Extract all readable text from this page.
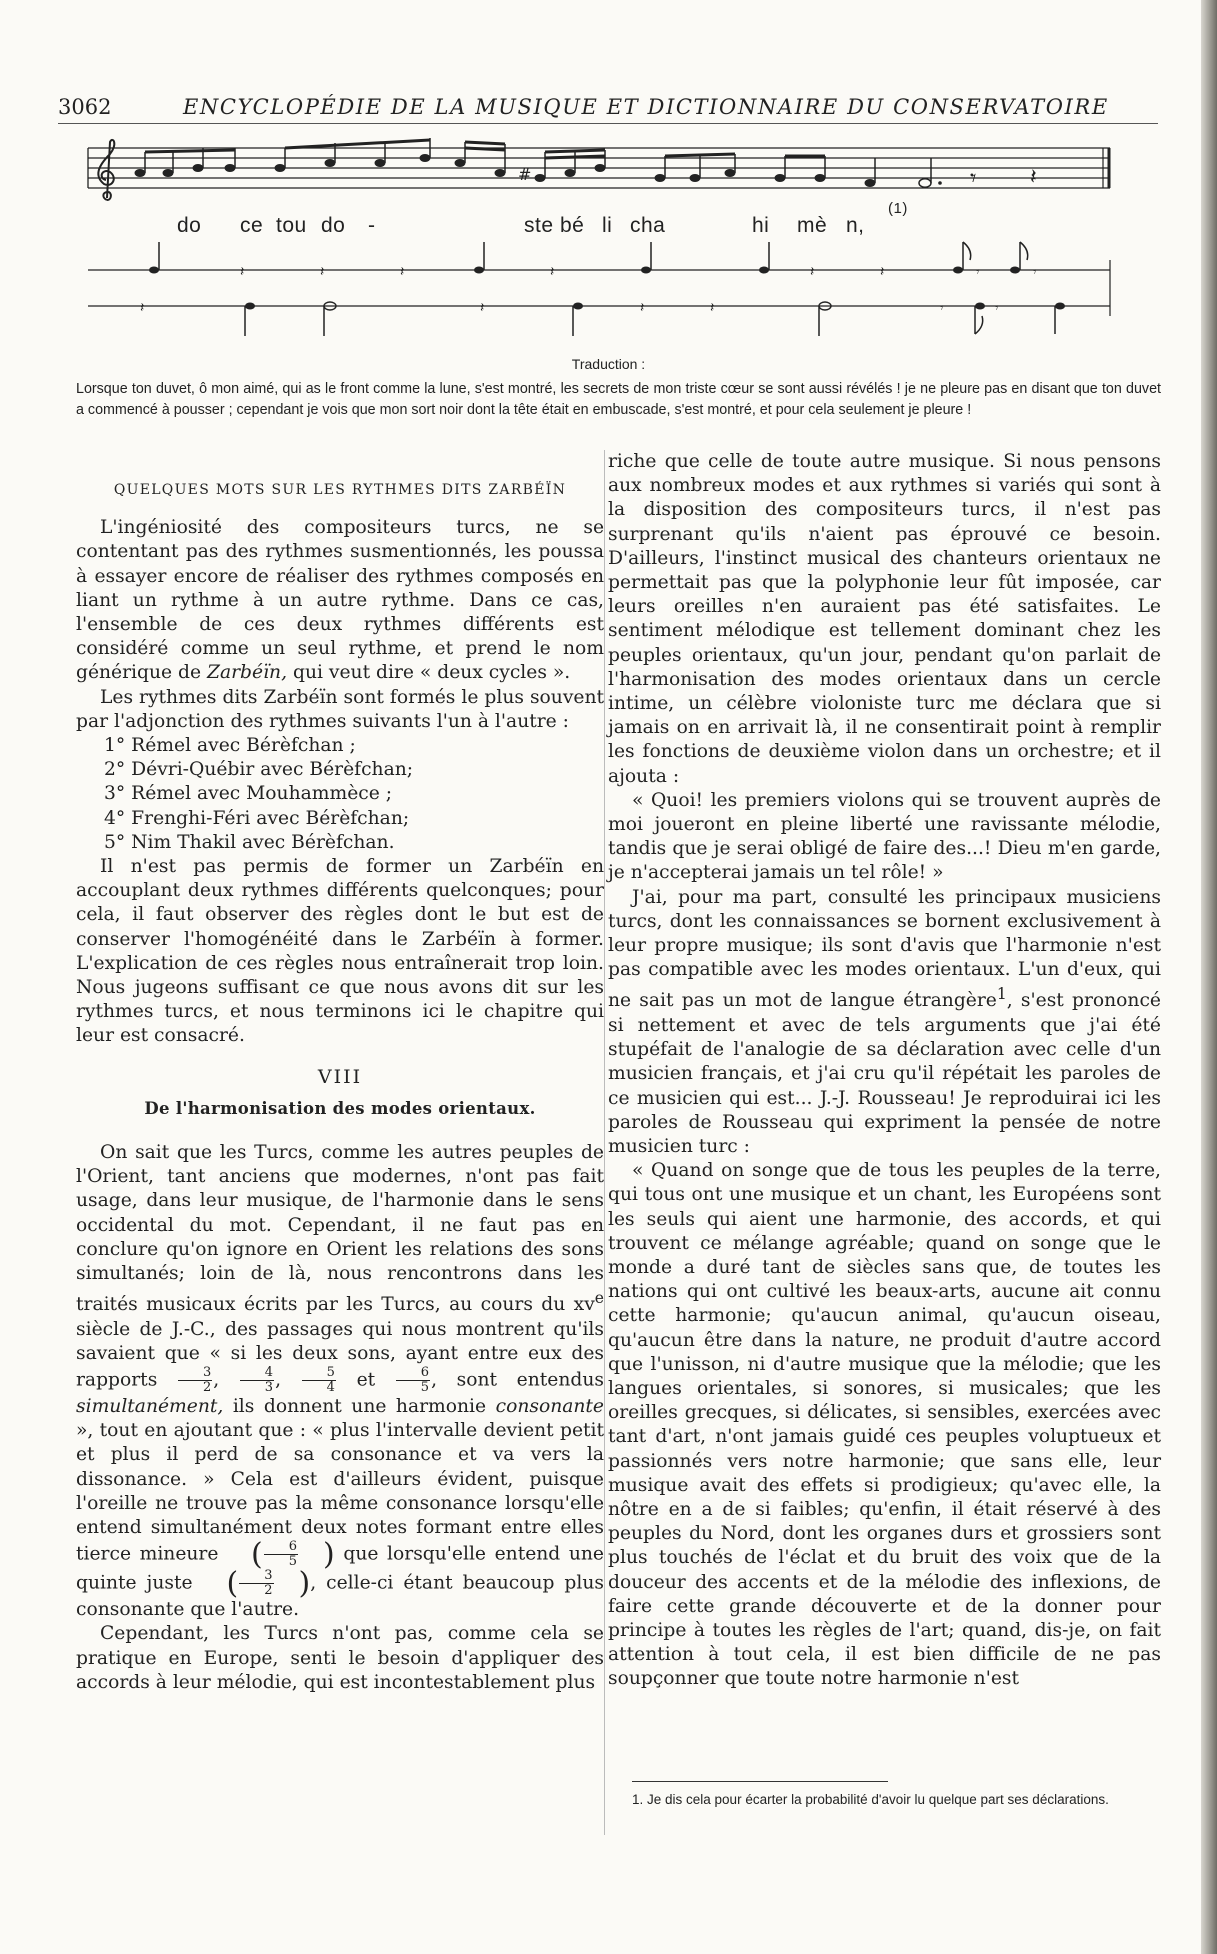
3062	ENCYCLOPÉDIE DE LA MUSIQUE ET DICTIONNAIRE DU CONSERVATOIRE
#	𝄾 𝄽
𝄽	𝄽	𝄽	𝄽	𝄽	𝄽	𝄾	𝄾
𝄽	𝄽	𝄽	𝄽	𝄾	𝄾
do ce tou do -	ste bé li cha	hi mè n,
(1)
Traduction :
Lorsque ton duvet, ô mon aimé, qui as le front comme la lune, s'est montré, les secrets de mon triste cœur se sont aussi révélés ! je ne pleure pas en disant que ton duvet a commencé à pousser ; cependant je vois que mon sort noir dont la tête était en embuscade, s'est montré, et pour cela seulement je pleure !
QUELQUES MOTS SUR LES RYTHMES DITS ZARBÉÏN

L'ingéniosité des compositeurs turcs, ne se contentant pas des rythmes susmentionnés, les poussa à essayer encore de réaliser des rythmes composés en liant un rythme à un autre rythme. Dans ce cas, l'ensemble de ces deux rythmes différents est considéré comme un seul rythme, et prend le nom générique de Zarbéïn, qui veut dire « deux cycles ».

Les rythmes dits Zarbéïn sont formés le plus souvent par l'adjonction des rythmes suivants l'un à l'autre :

1° Rémel avec Bérèfchan ;
2° Dévri-Québir avec Bérèfchan;
3° Rémel avec Mouhammèce ;
4° Frenghi-Féri avec Bérèfchan;
5° Nim Thakil avec Bérèfchan.

Il n'est pas permis de former un Zarbéïn en accouplant deux rythmes différents quelconques; pour cela, il faut observer des règles dont le but est de conserver l'homogénéité dans le Zarbéïn à former. L'explication de ces règles nous entraînerait trop loin. Nous jugeons suffisant ce que nous avons dit sur les rythmes turcs, et nous terminons ici le chapitre qui leur est consacré.

VIII
De l'harmonisation des modes orientaux.

On sait que les Turcs, comme les autres peuples de l'Orient, tant anciens que modernes, n'ont pas fait usage, dans leur musique, de l'harmonie dans le sens occidental du mot. Cependant, il ne faut pas en conclure qu'on ignore en Orient les relations des sons simultanés; loin de là, nous rencontrons dans les traités musicaux écrits par les Turcs, au cours du $xv^e$ siècle de J.-C., des passages qui nous montrent qu'ils savaient que « si les deux sons, ayant entre eux des rapports $\frac{3}{2}$ , $\frac{4}{3}$ , $\frac{5}{4}$ et $\frac{6}{5}$ , sont entendus simultanément, ils donnent une harmonie consonante », tout en ajoutant que : « plus l'intervalle devient petit et plus il perd de sa consonance et va vers la dissonance. » Cela est d'ailleurs évident, puisque l'oreille ne trouve pas la même consonance lorsqu'elle entend simultanément deux notes formant entre elles tierce mineure ( $\frac{6}{5}$ ) que lorsqu'elle entend une quinte juste ( $\frac{3}{2}$ ), celle-ci étant beaucoup plus consonante que l'autre.

Cependant, les Turcs n'ont pas, comme cela se pratique en Europe, senti le besoin d'appliquer des accords à leur mélodie, qui est incontestablement plus

riche que celle de toute autre musique. Si nous pensons aux nombreux modes et aux rythmes si variés qui sont à la disposition des compositeurs turcs, il n'est pas surprenant qu'ils n'aient pas éprouvé ce besoin. D'ailleurs, l'instinct musical des chanteurs orientaux ne permettait pas que la polyphonie leur fût imposée, car leurs oreilles n'en auraient pas été satisfaites. Le sentiment mélodique est tellement dominant chez les peuples orientaux, qu'un jour, pendant qu'on parlait de l'harmonisation des modes orientaux dans un cercle intime, un célèbre violoniste turc me déclara que si jamais on en arrivait là, il ne consentirait point à remplir les fonctions de deuxième violon dans un orchestre; et il ajouta :

« Quoi! les premiers violons qui se trouvent auprès de moi joueront en pleine liberté une ravissante mélodie, tandis que je serai obligé de faire des...! Dieu m'en garde, je n'accepterai jamais un tel rôle! »

J'ai, pour ma part, consulté les principaux musiciens turcs, dont les connaissances se bornent exclusivement à leur propre musique; ils sont d'avis que l'harmonie n'est pas compatible avec les modes orientaux. L'un d'eux, qui ne sait pas un mot de langue étrangère$^1$, s'est prononcé si nettement et avec de tels arguments que j'ai été stupéfait de l'analogie de sa déclaration avec celle d'un musicien français, et j'ai cru qu'il répétait les paroles de ce musicien qui est... J.-J. Rousseau! Je reproduirai ici les paroles de Rousseau qui expriment la pensée de notre musicien turc :

« Quand on songe que de tous les peuples de la terre, qui tous ont une musique et un chant, les Européens sont les seuls qui aient une harmonie, des accords, et qui trouvent ce mélange agréable; quand on songe que le monde a duré tant de siècles sans que, de toutes les nations qui ont cultivé les beaux-arts, aucune ait connu cette harmonie; qu'aucun animal, qu'aucun oiseau, qu'aucun être dans la nature, ne produit d'autre accord que l'unisson, ni d'autre musique que la mélodie; que les langues orientales, si sonores, si musicales; que les oreilles grecques, si délicates, si sensibles, exercées avec tant d'art, n'ont jamais guidé ces peuples voluptueux et passionnés vers notre harmonie; que sans elle, leur musique avait des effets si prodigieux; qu'avec elle, la nôtre en a de si faibles; qu'enfin, il était réservé à des peuples du Nord, dont les organes durs et grossiers sont plus touchés de l'éclat et du bruit des voix que de la douceur des accents et de la mélodie des inflexions, de faire cette grande découverte et de la donner pour principe à toutes les règles de l'art; quand, dis-je, on fait attention à tout cela, il est bien difficile de ne pas soupçonner que toute notre harmonie n'est

1. Je dis cela pour écarter la probabilité d'avoir lu quelque part ses déclarations.
